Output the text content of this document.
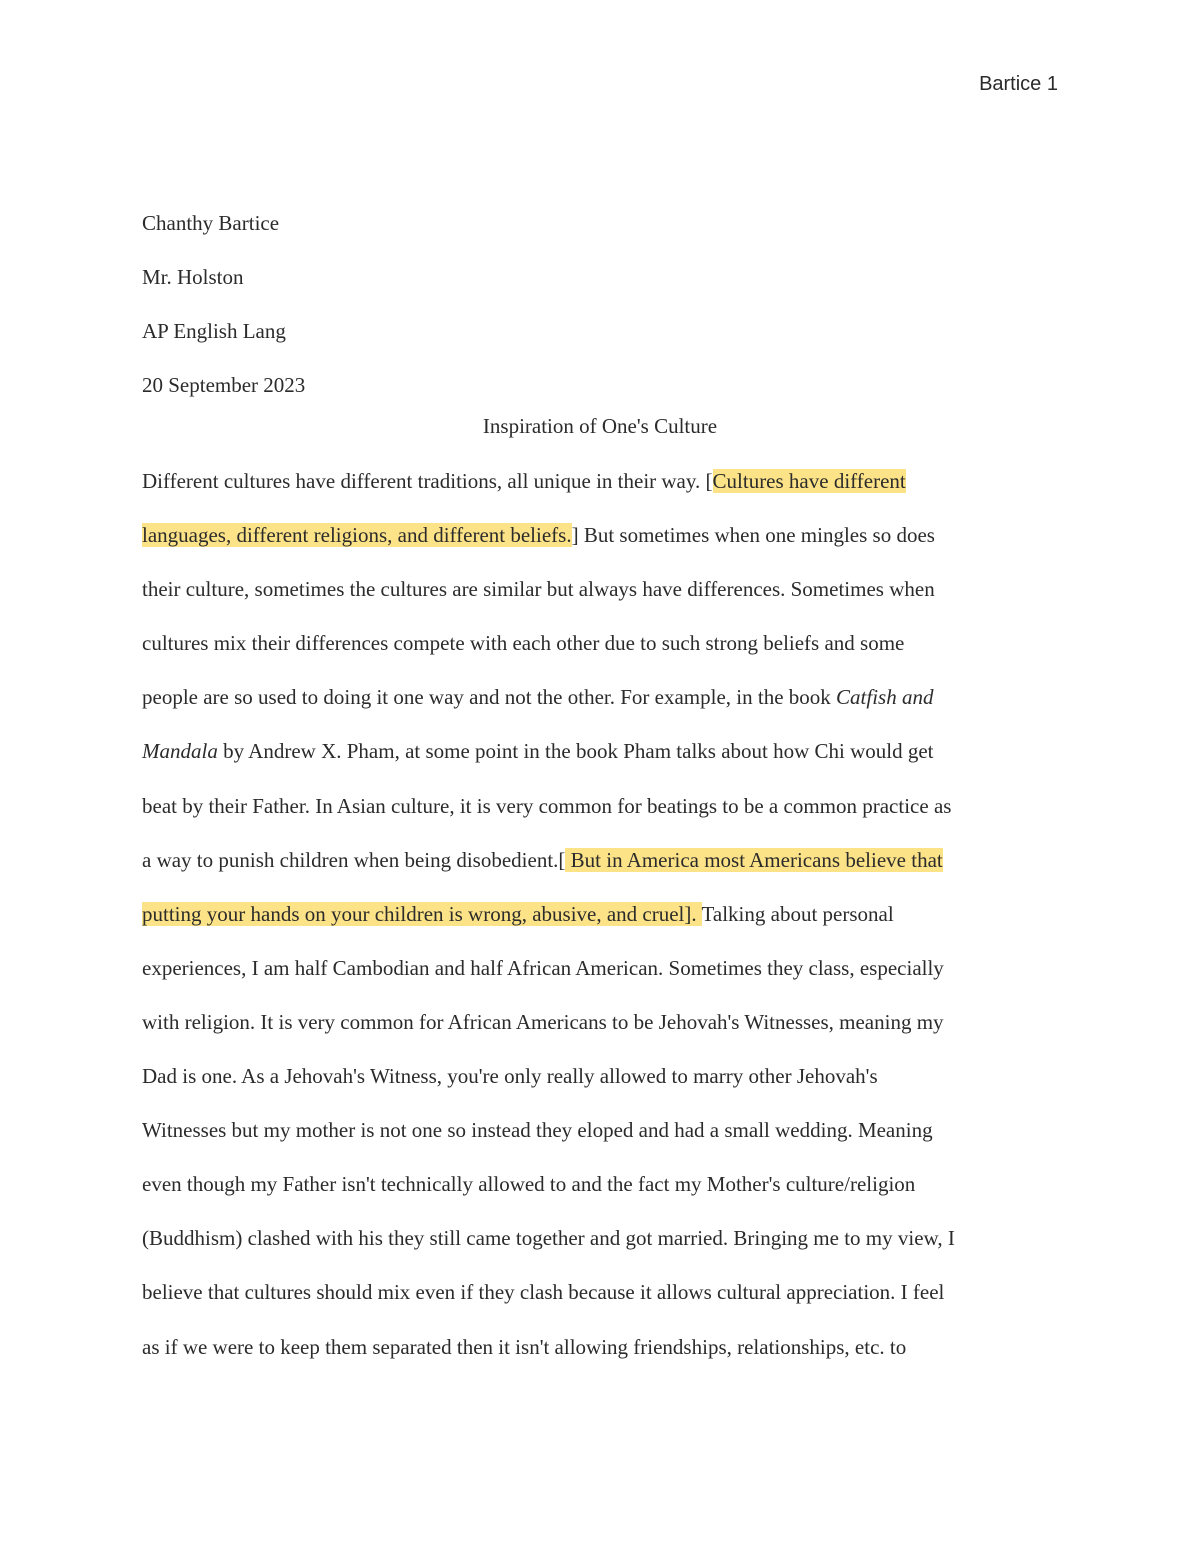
Bartice 1
Chanthy Bartice
Mr. Holston
AP English Lang
20 September 2023
Inspiration of One's Culture
Different cultures have different traditions, all unique in their way. [Cultures have different
languages, different religions, and different beliefs.] But sometimes when one mingles so does
their culture, sometimes the cultures are similar but always have differences. Sometimes when
cultures mix their differences compete with each other due to such strong beliefs and some
people are so used to doing it one way and not the other. For example, in the book Catfish and
Mandala by Andrew X. Pham, at some point in the book Pham talks about how Chi would get
beat by their Father. In Asian culture, it is very common for beatings to be a common practice as
a way to punish children when being disobedient.[ But in America most Americans believe that
putting your hands on your children is wrong, abusive, and cruel]. Talking about personal
experiences, I am half Cambodian and half African American. Sometimes they class, especially
with religion. It is very common for African Americans to be Jehovah's Witnesses, meaning my
Dad is one. As a Jehovah's Witness, you're only really allowed to marry other Jehovah's
Witnesses but my mother is not one so instead they eloped and had a small wedding. Meaning
even though my Father isn't technically allowed to and the fact my Mother's culture/religion
(Buddhism) clashed with his they still came together and got married. Bringing me to my view, I
believe that cultures should mix even if they clash because it allows cultural appreciation. I feel
as if we were to keep them separated then it isn't allowing friendships, relationships, etc. to
